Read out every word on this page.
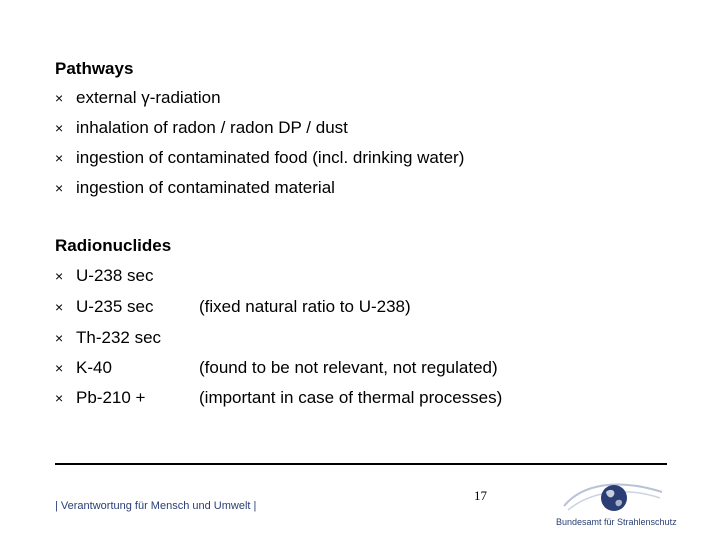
Pathways
× external γ-radiation
× inhalation of radon / radon DP / dust
× ingestion of contaminated food (incl. drinking water)
× ingestion of contaminated material
Radionuclides
× U-238 sec
× U-235 sec	(fixed natural ratio to U-238)
× Th-232 sec
× K-40	(found to be not relevant, not regulated)
× Pb-210 +	(important in case of thermal processes)
17
| Verantwortung für Mensch und Umwelt |
Bundesamt für Strahlenschutz
